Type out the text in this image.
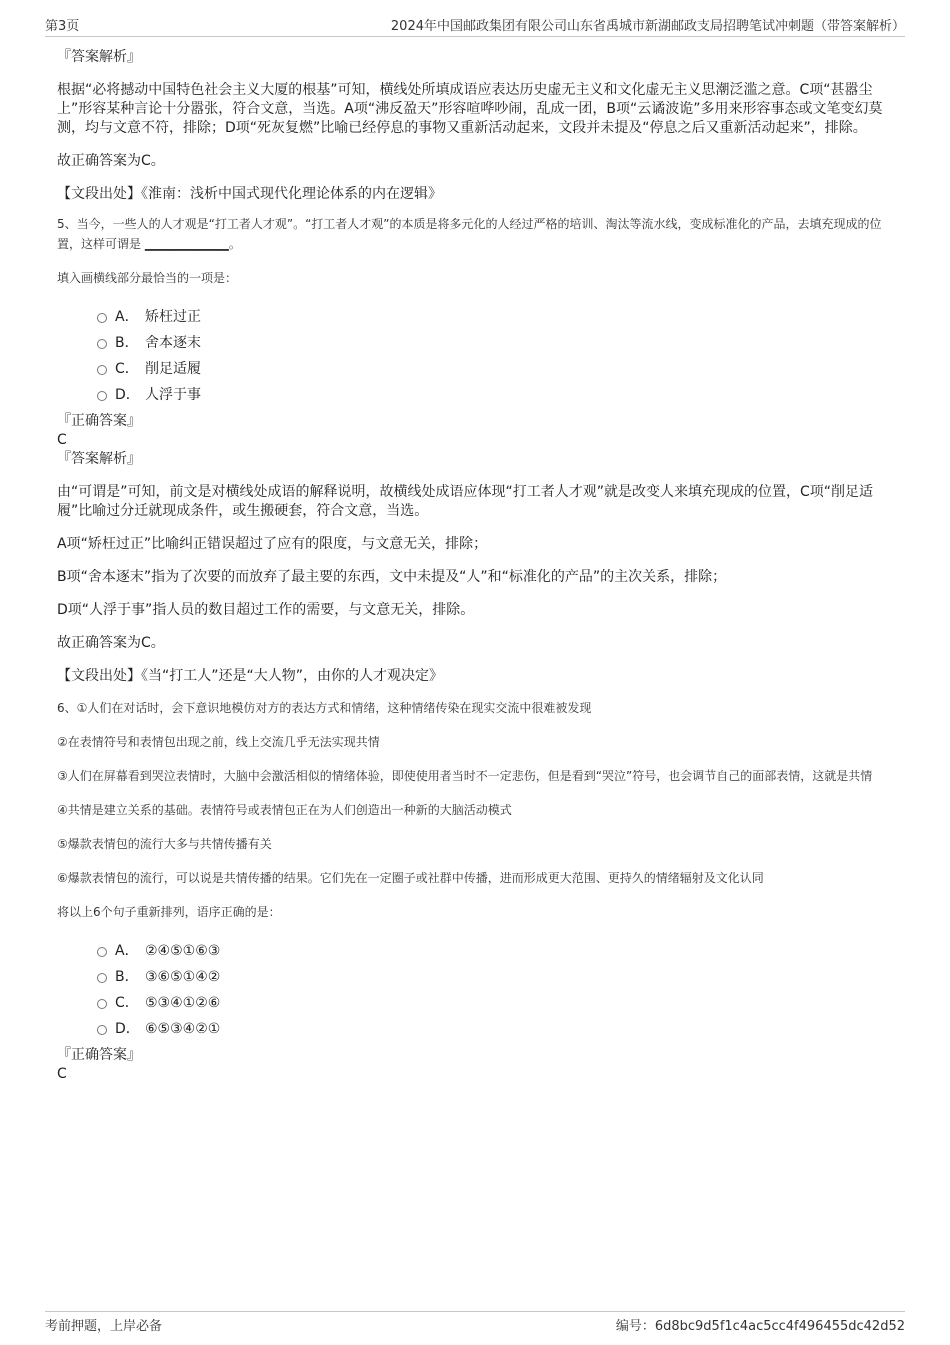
第3页	2024年中国邮政集团有限公司山东省禹城市新湖邮政支局招聘笔试冲刺题（带答案解析）

『答案解析』

根据“必将撼动中国特色社会主义大厦的根基”可知，横线处所填成语应表达历史虚无主义和文化虚无主义思潮泛滥之意。C项“甚嚣尘上”形容某种言论十分嚣张，符合文意，当选。A项“沸反盈天”形容喧哗吵闹，乱成一团，B项“云谲波诡”多用来形容事态或文笔变幻莫测，均与文意不符，排除；D项“死灰复燃”比喻已经停息的事物又重新活动起来，文段并未提及“停息之后又重新活动起来”，排除。

故正确答案为C。

【文段出处】《淮南：浅析中国式现代化理论体系的内在逻辑》

5、当今，一些人的人才观是“打工者人才观”。“打工者人才观”的本质是将多元化的人经过严格的培训、淘汰等流水线，变成标准化的产品，去填充现成的位置，这样可谓是 ______________。

填入画横线部分最恰当的一项是：

A． 矫枉过正
B． 舍本逐末
C． 削足适履
D． 人浮于事

『正确答案』

C

『答案解析』

由“可谓是”可知，前文是对横线处成语的解释说明，故横线处成语应体现“打工者人才观”就是改变人来填充现成的位置，C项“削足适履”比喻过分迁就现成条件，或生搬硬套，符合文意，当选。

A项“矫枉过正”比喻纠正错误超过了应有的限度，与文意无关，排除；

B项“舍本逐末”指为了次要的而放弃了最主要的东西，文中未提及“人”和“标准化的产品”的主次关系，排除；

D项“人浮于事”指人员的数目超过工作的需要，与文意无关，排除。

故正确答案为C。

【文段出处】《当“打工人”还是“大人物”，由你的人才观决定》

6、①人们在对话时，会下意识地模仿对方的表达方式和情绪，这种情绪传染在现实交流中很难被发现

②在表情符号和表情包出现之前，线上交流几乎无法实现共情

③人们在屏幕看到哭泣表情时，大脑中会激活相似的情绪体验，即使使用者当时不一定悲伤，但是看到“哭泣”符号，也会调节自己的面部表情，这就是共情

④共情是建立关系的基础。表情符号或表情包正在为人们创造出一种新的大脑活动模式

⑤爆款表情包的流行大多与共情传播有关

⑥爆款表情包的流行，可以说是共情传播的结果。它们先在一定圈子或社群中传播，进而形成更大范围、更持久的情绪辐射及文化认同

将以上6个句子重新排列，语序正确的是：

A． ②④⑤①⑥③
B． ③⑥⑤①④②
C． ⑤③④①②⑥
D． ⑥⑤③④②①

『正确答案』

C

考前押题，上岸必备	编号：6d8bc9d5f1c4ac5cc4f496455dc42d52
